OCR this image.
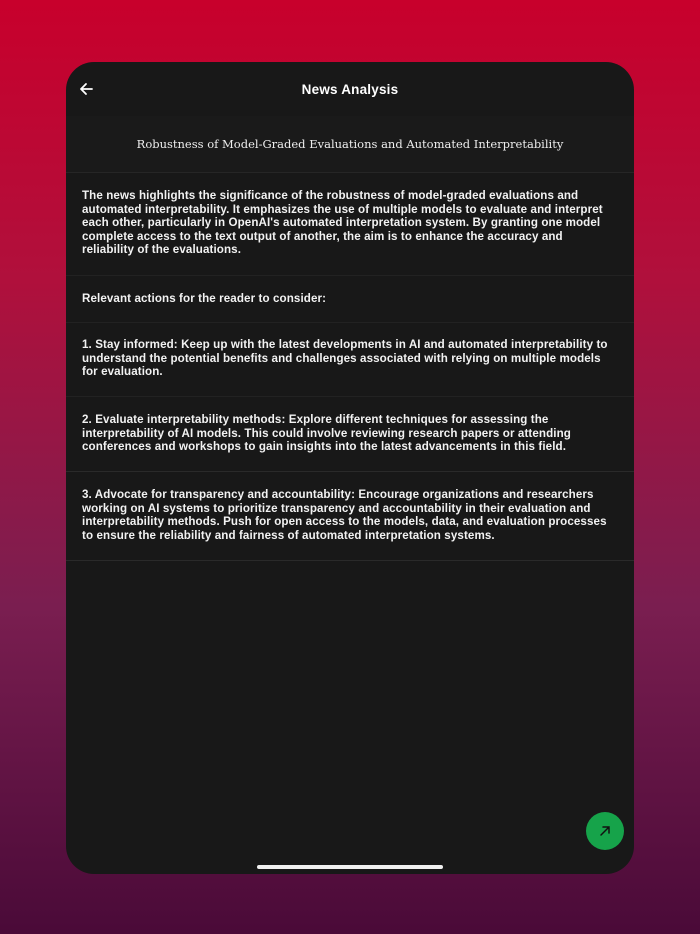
News Analysis
Robustness of Model-Graded Evaluations and Automated Interpretability
The news highlights the significance of the robustness of model-graded evaluations and automated interpretability. It emphasizes the use of multiple models to evaluate and interpret each other, particularly in OpenAI's automated interpretation system. By granting one model complete access to the text output of another, the aim is to enhance the accuracy and reliability of the evaluations.
Relevant actions for the reader to consider:
1. Stay informed: Keep up with the latest developments in AI and automated interpretability to understand the potential benefits and challenges associated with relying on multiple models for evaluation.
2. Evaluate interpretability methods: Explore different techniques for assessing the interpretability of AI models. This could involve reviewing research papers or attending conferences and workshops to gain insights into the latest advancements in this field.
3. Advocate for transparency and accountability: Encourage organizations and researchers working on AI systems to prioritize transparency and accountability in their evaluation and interpretability methods. Push for open access to the models, data, and evaluation processes to ensure the reliability and fairness of automated interpretation systems.
